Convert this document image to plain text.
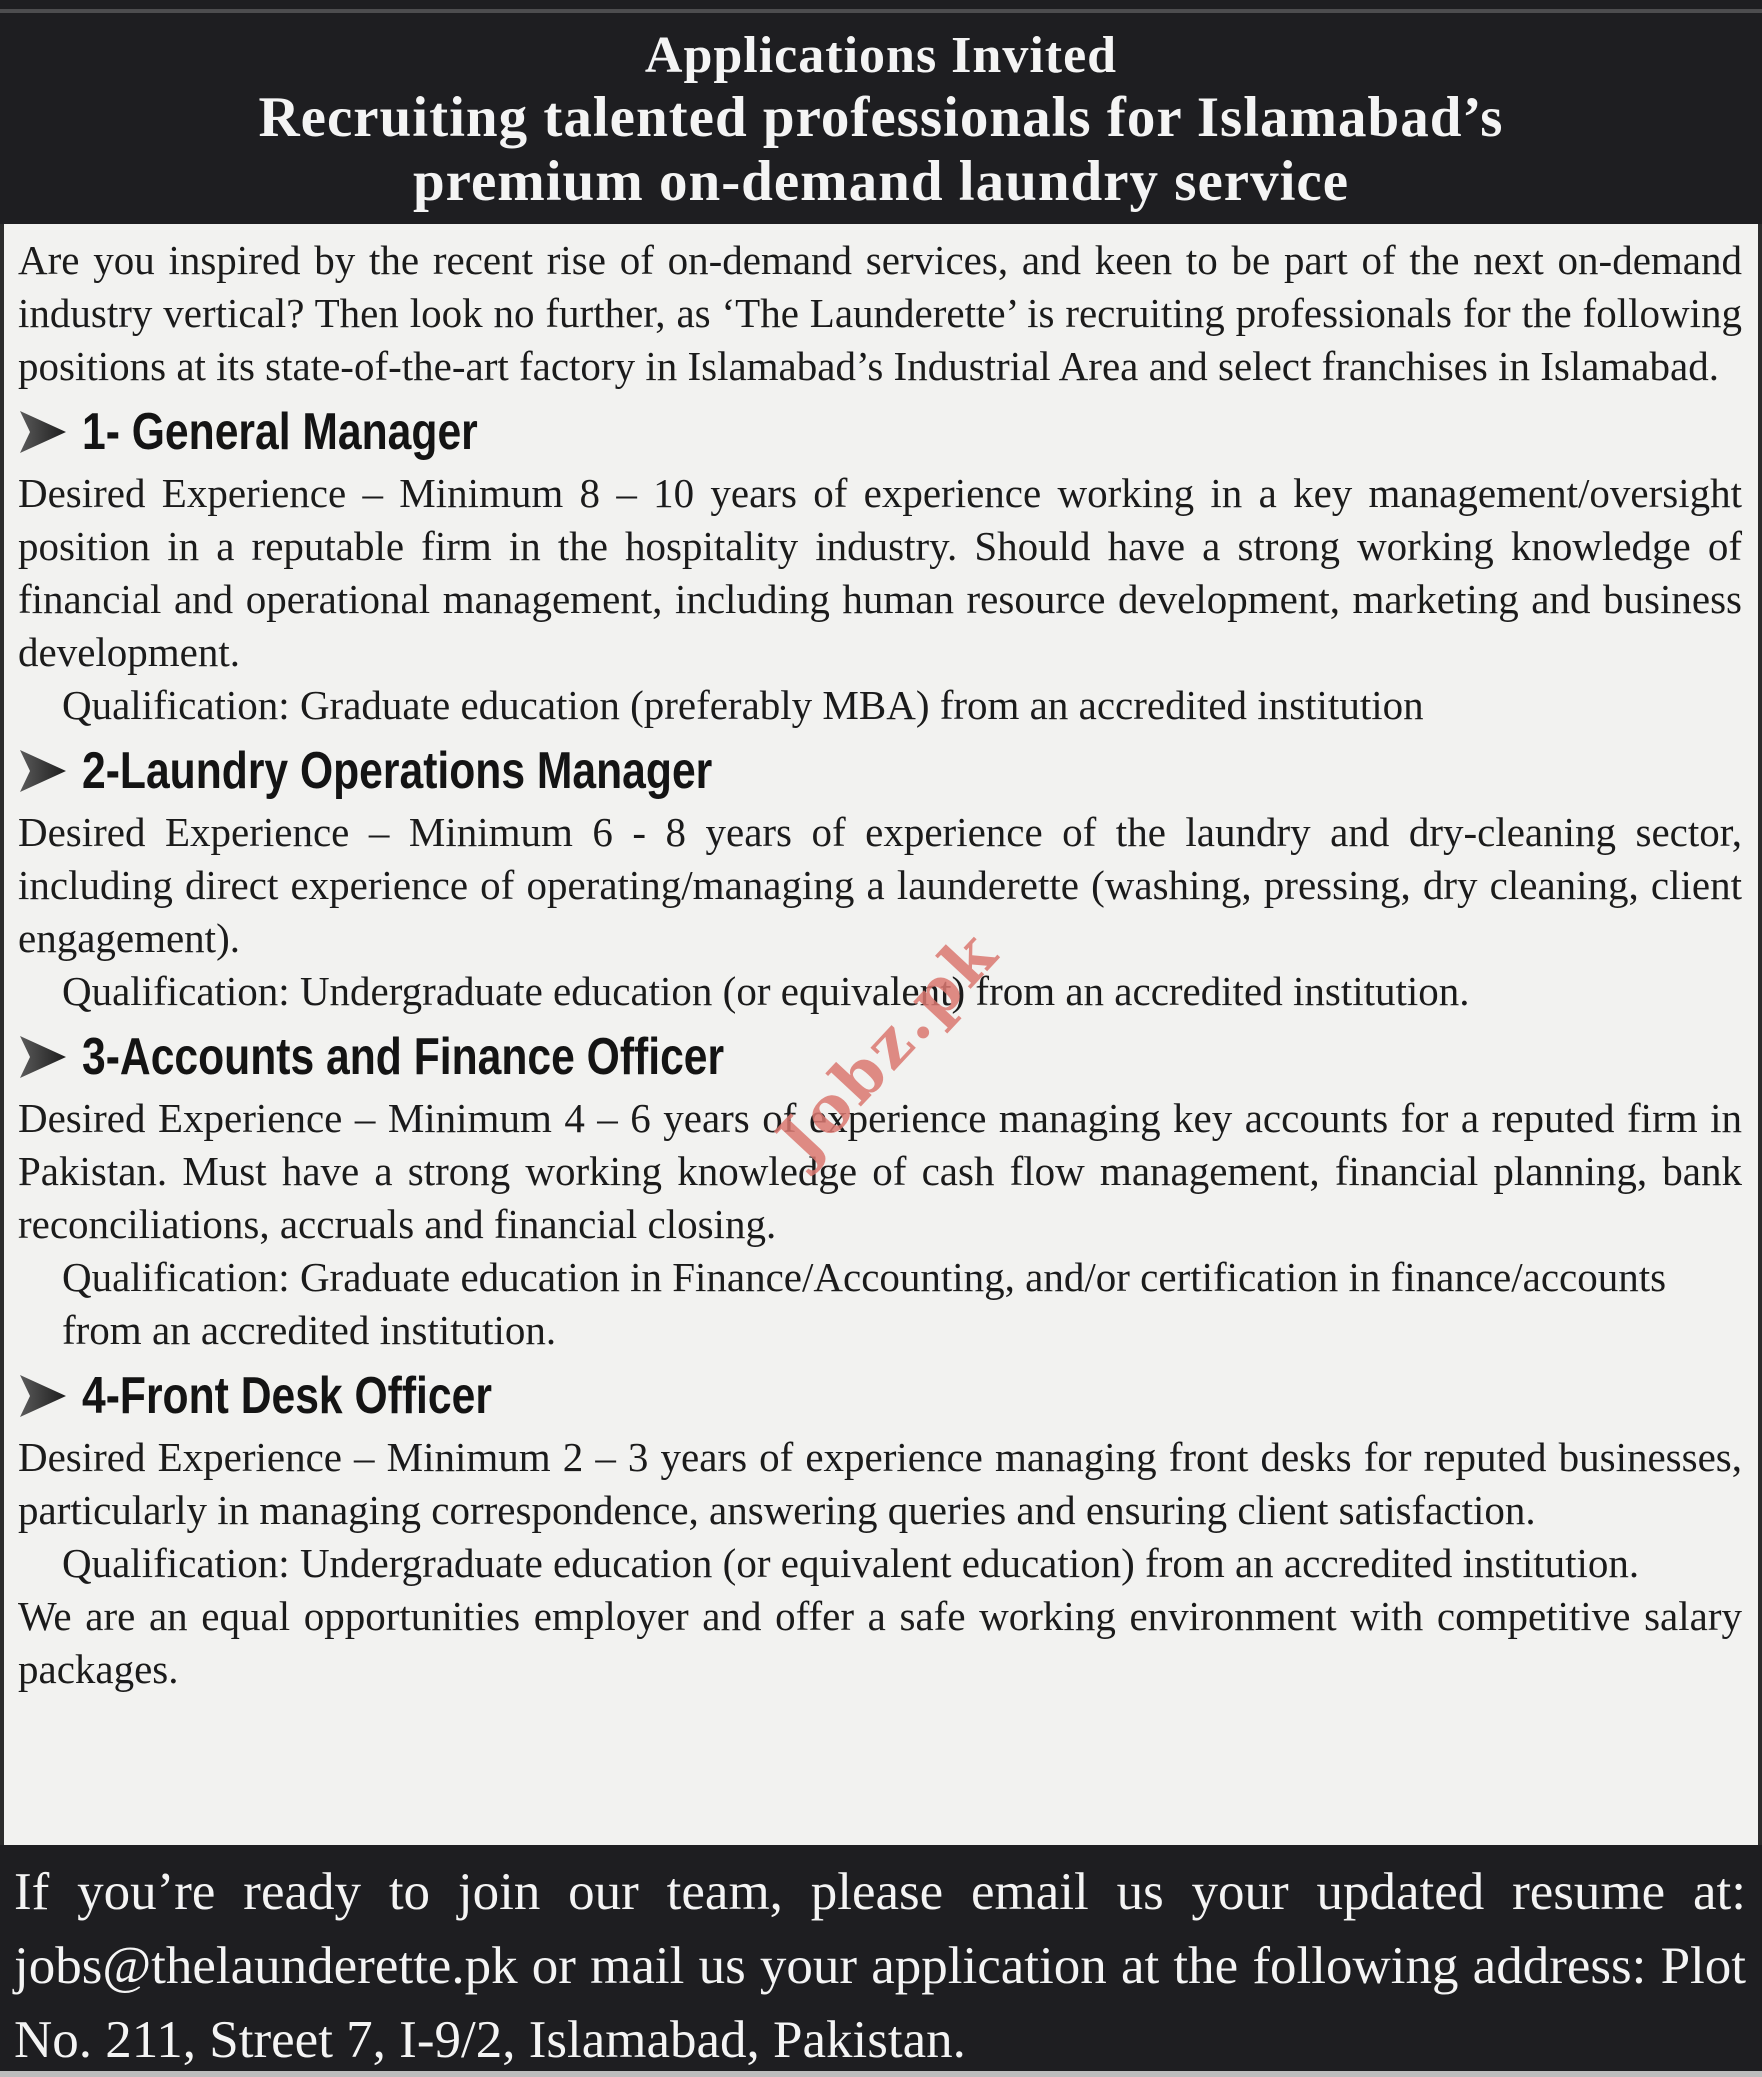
Applications Invited
Recruiting talented professionals for Islamabad’s
premium on-demand laundry service

Are you inspired by the recent rise of on-demand services, and keen to be part of the next on-demand industry vertical? Then look no further, as ‘The Launderette’ is recruiting professionals for the following positions at its state-of-the-art factory in Islamabad’s Industrial Area and select franchises in Islamabad.

1- General Manager

Desired Experience – Minimum 8 – 10 years of experience working in a key management/oversight position in a reputable firm in the hospitality industry. Should have a strong working knowledge of financial and operational management, including human resource development, marketing and business development.

Qualification: Graduate education (preferably MBA) from an accredited institution

2-Laundry Operations Manager

Desired Experience – Minimum 6 - 8 years of experience of the laundry and dry-cleaning sector, including direct experience of operating/managing a launderette (washing, pressing, dry cleaning, client engagement).

Qualification: Undergraduate education (or equivalent) from an accredited institution.

3-Accounts and Finance Officer

Desired Experience – Minimum 4 – 6 years of experience managing key accounts for a reputed firm in Pakistan. Must have a strong working knowledge of cash flow management, financial planning, bank reconciliations, accruals and financial closing.

Qualification: Graduate education in Finance/Accounting, and/or certification in finance/accounts from an accredited institution.

4-Front Desk Officer

Desired Experience – Minimum 2 – 3 years of experience managing front desks for reputed businesses, particularly in managing correspondence, answering queries and ensuring client satisfaction.

Qualification: Undergraduate education (or equivalent education) from an accredited institution.

We are an equal opportunities employer and offer a safe working environment with competitive salary packages.

If you’re ready to join our team, please email us your updated resume at: jobs@thelaunderette.pk or mail us your application at the following address: Plot No. 211, Street 7, I-9/2, Islamabad, Pakistan.
Jobz.pk
